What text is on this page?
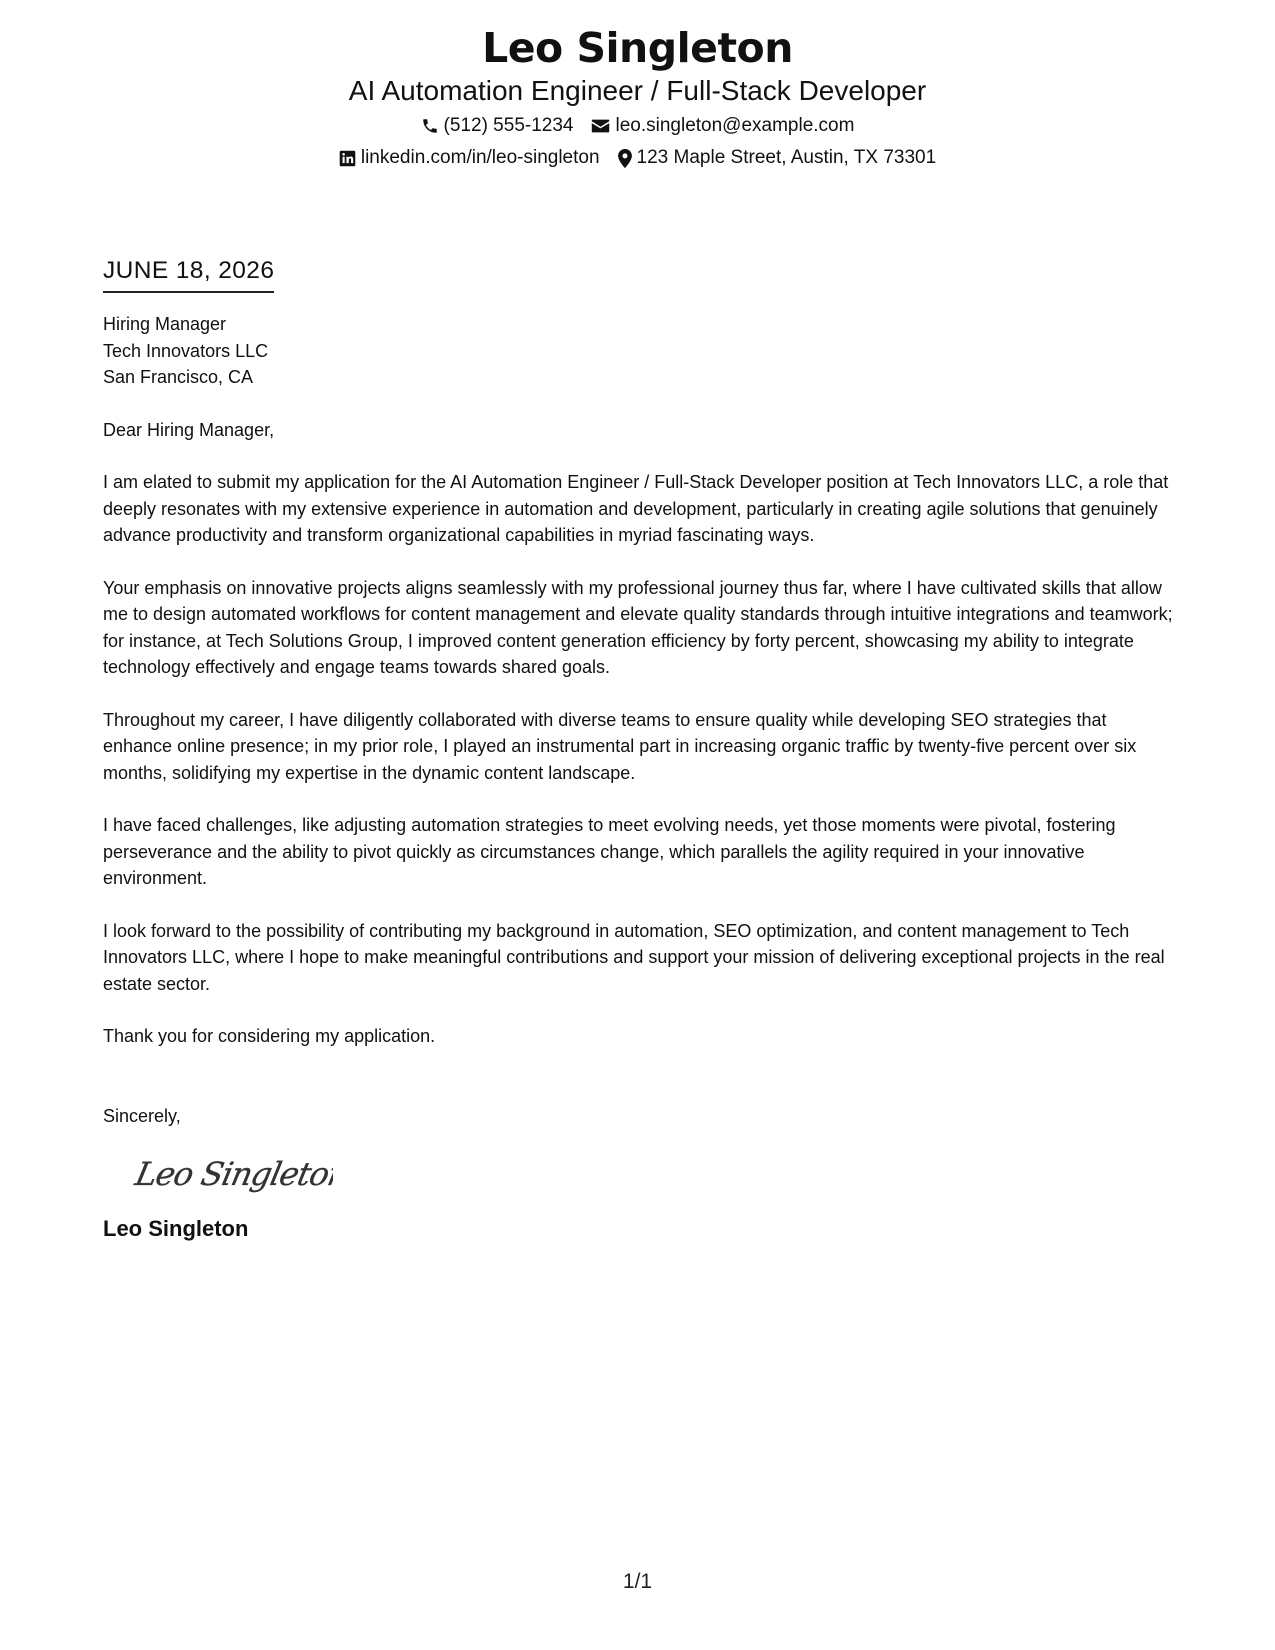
Leo Singleton
AI Automation Engineer / Full-Stack Developer
(512) 555-1234 leo.singleton@example.com
linkedin.com/in/leo-singleton 123 Maple Street, Austin, TX 73301
JUNE 18, 2026
Hiring Manager
Tech Innovators LLC
San Francisco, CA
Dear Hiring Manager,
I am elated to submit my application for the AI Automation Engineer / Full-Stack Developer position at Tech Innovators LLC, a role that deeply resonates with my extensive experience in automation and development, particularly in creating agile solutions that genuinely advance productivity and transform organizational capabilities in myriad fascinating ways.
Your emphasis on innovative projects aligns seamlessly with my professional journey thus far, where I have cultivated skills that allow me to design automated workflows for content management and elevate quality standards through intuitive integrations and teamwork; for instance, at Tech Solutions Group, I improved content generation efficiency by forty percent, showcasing my ability to integrate technology effectively and engage teams towards shared goals.
Throughout my career, I have diligently collaborated with diverse teams to ensure quality while developing SEO strategies that enhance online presence; in my prior role, I played an instrumental part in increasing organic traffic by twenty-five percent over six months, solidifying my expertise in the dynamic content landscape.
I have faced challenges, like adjusting automation strategies to meet evolving needs, yet those moments were pivotal, fostering perseverance and the ability to pivot quickly as circumstances change, which parallels the agility required in your innovative environment.
I look forward to the possibility of contributing my background in automation, SEO optimization, and content management to Tech Innovators LLC, where I hope to make meaningful contributions and support your mission of delivering exceptional projects in the real estate sector.
Thank you for considering my application.
Sincerely,
Leo Singleton
Leo Singleton
1/1
